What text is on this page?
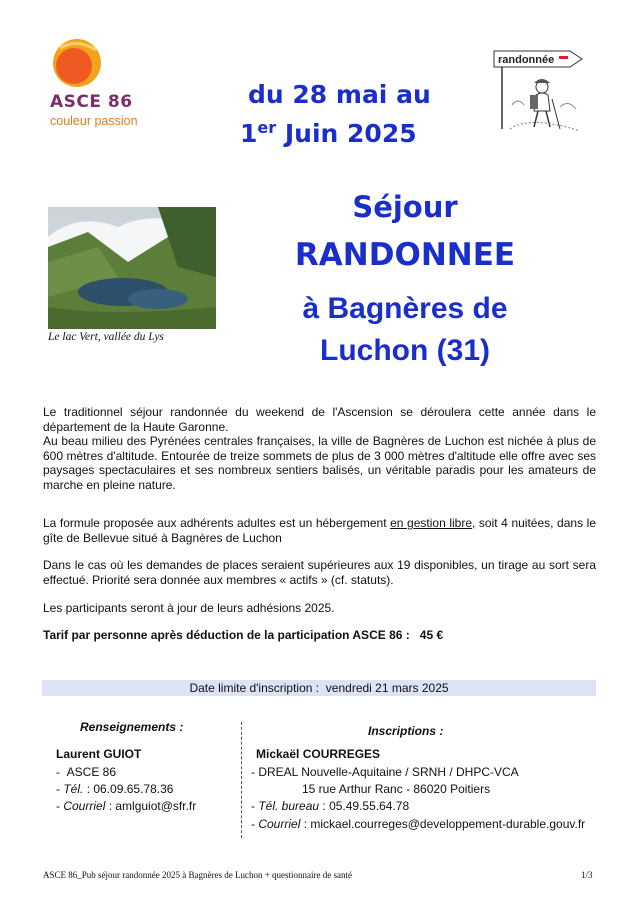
ASCE 86
couleur passion
du 28 mai au
1er Juin 2025
randonnée
Le lac Vert, vallée du Lys
Séjour
RANDONNEE
à Bagnères de
Luchon (31)
Le traditionnel séjour randonnée du weekend de l'Ascension se déroulera cette année dans le département de la Haute Garonne.
Au beau milieu des Pyrénées centrales françaises, la ville de Bagnères de Luchon est nichée à plus de 600 mètres d'altitude. Entourée de treize sommets de plus de 3 000 mètres d'altitude elle offre avec ses paysages spectaculaires et ses nombreux sentiers balisés, un véritable paradis pour les amateurs de marche en pleine nature.
La formule proposée aux adhérents adultes est un hébergement en gestion libre, soit 4 nuitées, dans le gîte de Bellevue situé à Bagnères de Luchon
Dans le cas où les demandes de places seraient supérieures aux 19 disponibles, un tirage au sort sera effectué. Priorité sera donnée aux membres « actifs » (cf. statuts).
Les participants seront à jour de leurs adhésions 2025.
Tarif par personne après déduction de la participation ASCE 86 : 45 €
Date limite d'inscription : vendredi 21 mars 2025
Renseignements :	Inscriptions :
Laurent GUIOT
-  ASCE 86
- Tél. : 06.09.65.78.36
- Courriel : amlguiot@sfr.fr
Mickaël COURREGES
- DREAL Nouvelle-Aquitaine / SRNH / DHPC-VCA
15 rue Arthur Ranc - 86020 Poitiers
- Tél. bureau : 05.49.55.64.78
- Courriel : mickael.courreges@developpement-durable.gouv.fr
ASCE 86_Pub séjour randonnée 2025 à Bagnères de Luchon + questionnaire de santé	1/3
